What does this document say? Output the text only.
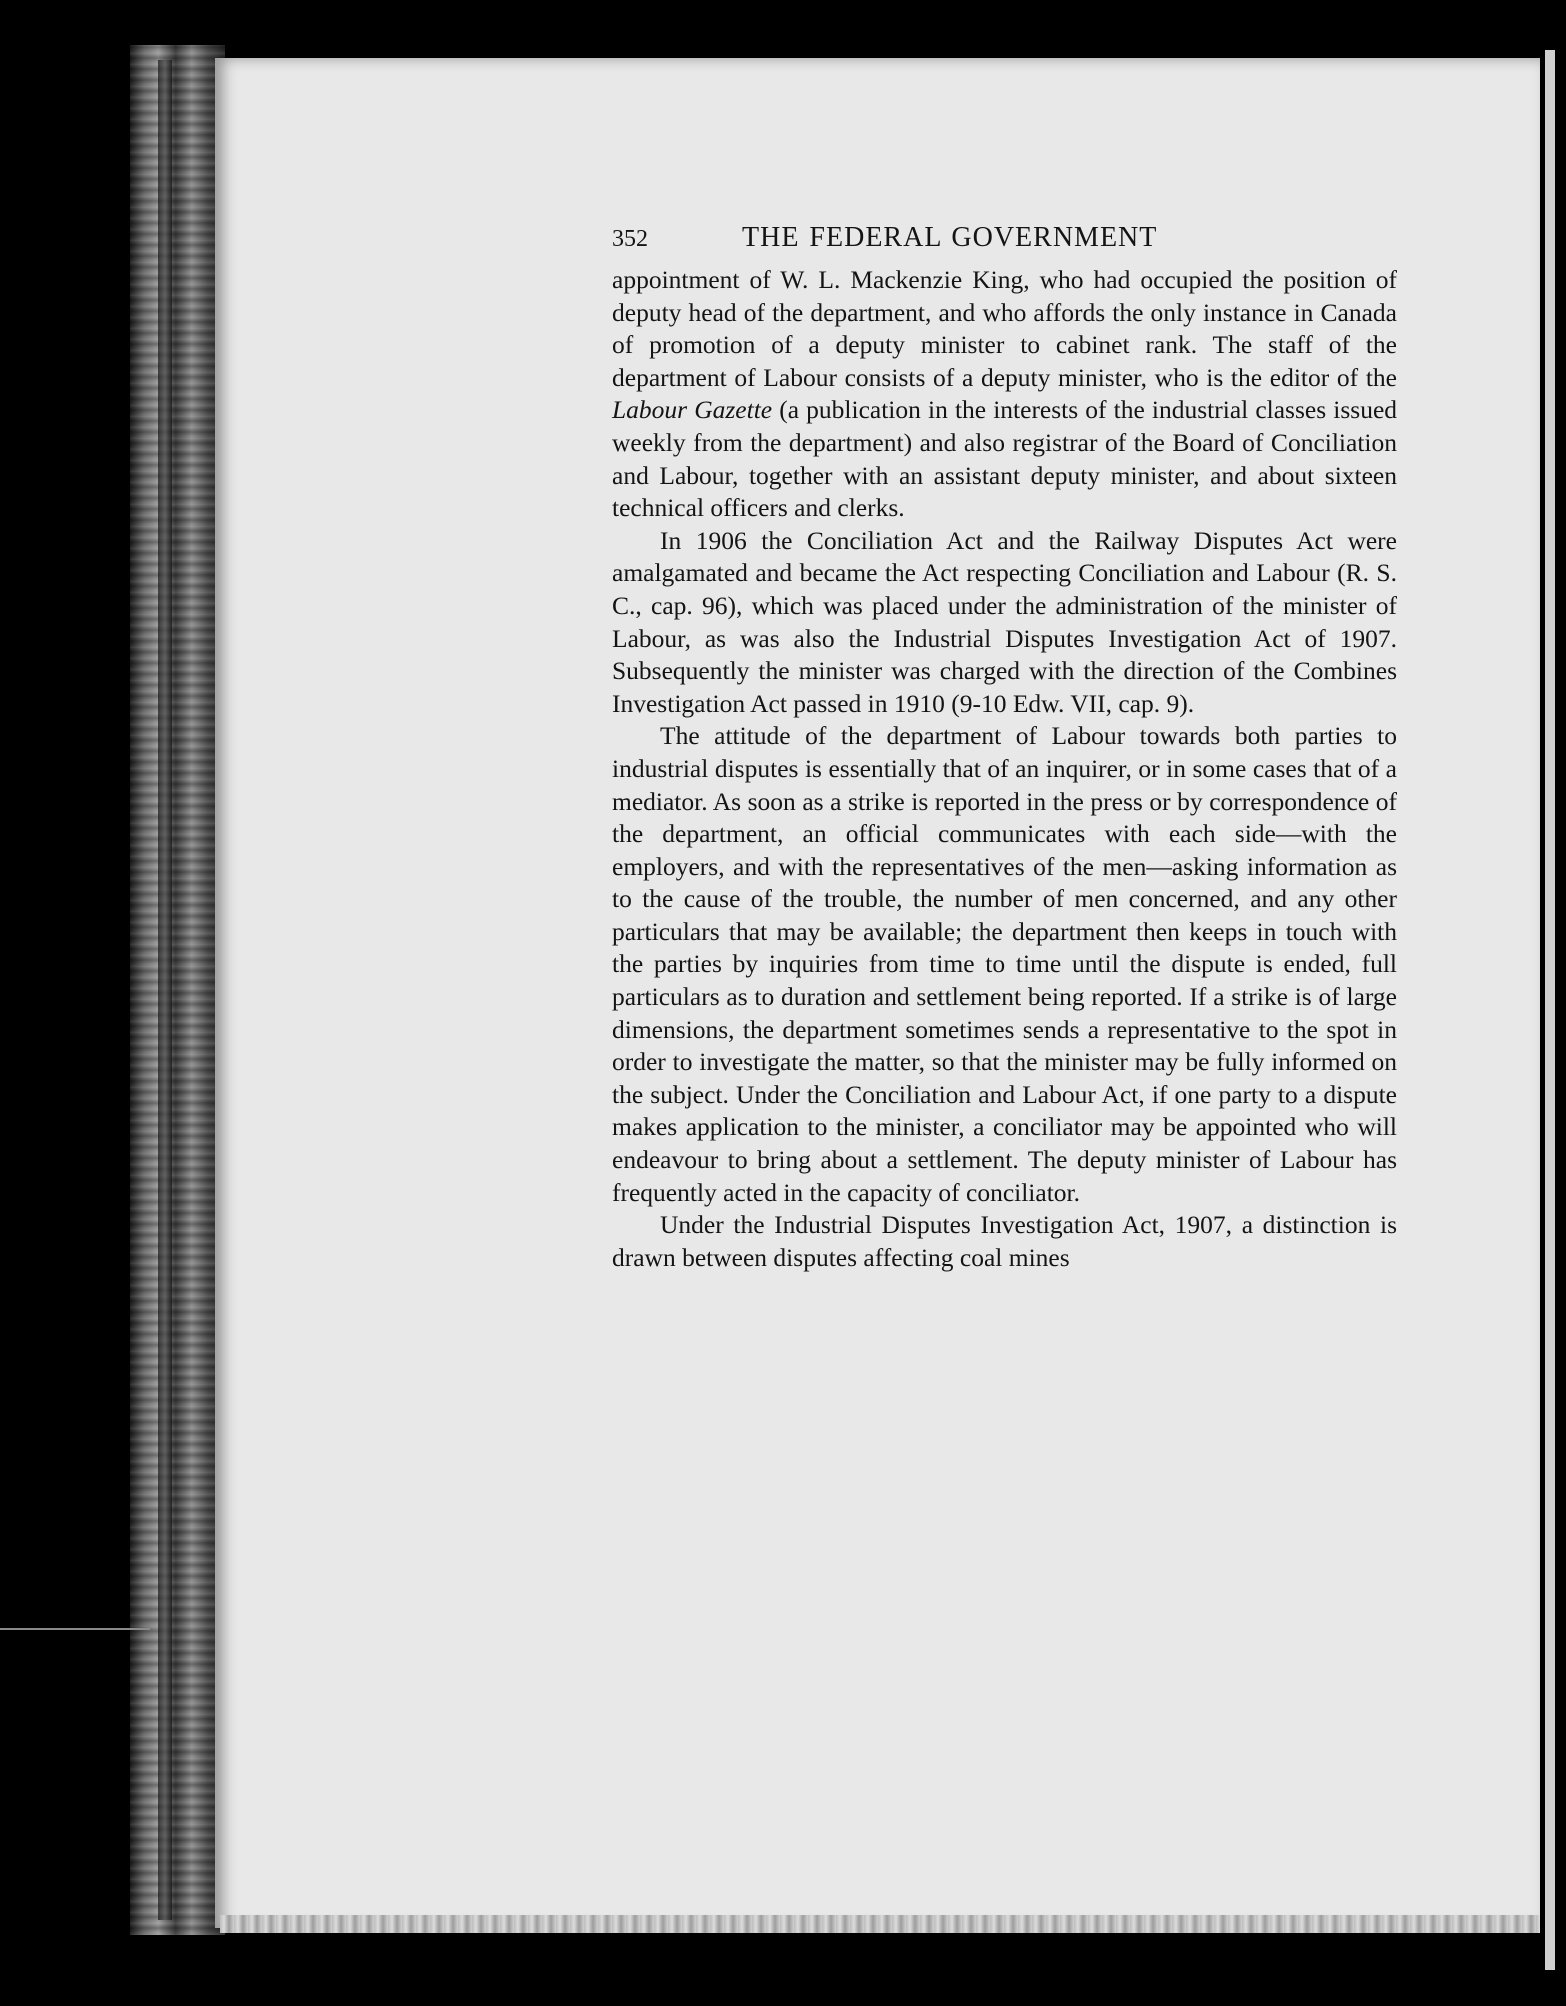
352	THE FEDERAL GOVERNMENT

appointment of W. L. Mackenzie King, who had occupied the position of deputy head of the department, and who affords the only instance in Canada of promotion of a deputy minister to cabinet rank. The staff of the department of Labour consists of a deputy minister, who is the editor of the Labour Gazette (a publication in the interests of the industrial classes issued weekly from the department) and also registrar of the Board of Conciliation and Labour, together with an assistant deputy minister, and about sixteen technical officers and clerks.

In 1906 the Conciliation Act and the Railway Disputes Act were amalgamated and became the Act respecting Conciliation and Labour (R. S. C., cap. 96), which was placed under the administration of the minister of Labour, as was also the Industrial Disputes Investigation Act of 1907. Subsequently the minister was charged with the direction of the Combines Investigation Act passed in 1910 (9-10 Edw. VII, cap. 9).

The attitude of the department of Labour towards both parties to industrial disputes is essentially that of an inquirer, or in some cases that of a mediator. As soon as a strike is reported in the press or by correspondence of the department, an official communicates with each side—with the employers, and with the representatives of the men—asking information as to the cause of the trouble, the number of men concerned, and any other particulars that may be available; the department then keeps in touch with the parties by inquiries from time to time until the dispute is ended, full particulars as to duration and settlement being reported. If a strike is of large dimensions, the department sometimes sends a representative to the spot in order to investigate the matter, so that the minister may be fully informed on the subject. Under the Conciliation and Labour Act, if one party to a dispute makes application to the minister, a conciliator may be appointed who will endeavour to bring about a settlement. The deputy minister of Labour has frequently acted in the capacity of conciliator.

Under the Industrial Disputes Investigation Act, 1907, a distinction is drawn between disputes affecting coal mines
